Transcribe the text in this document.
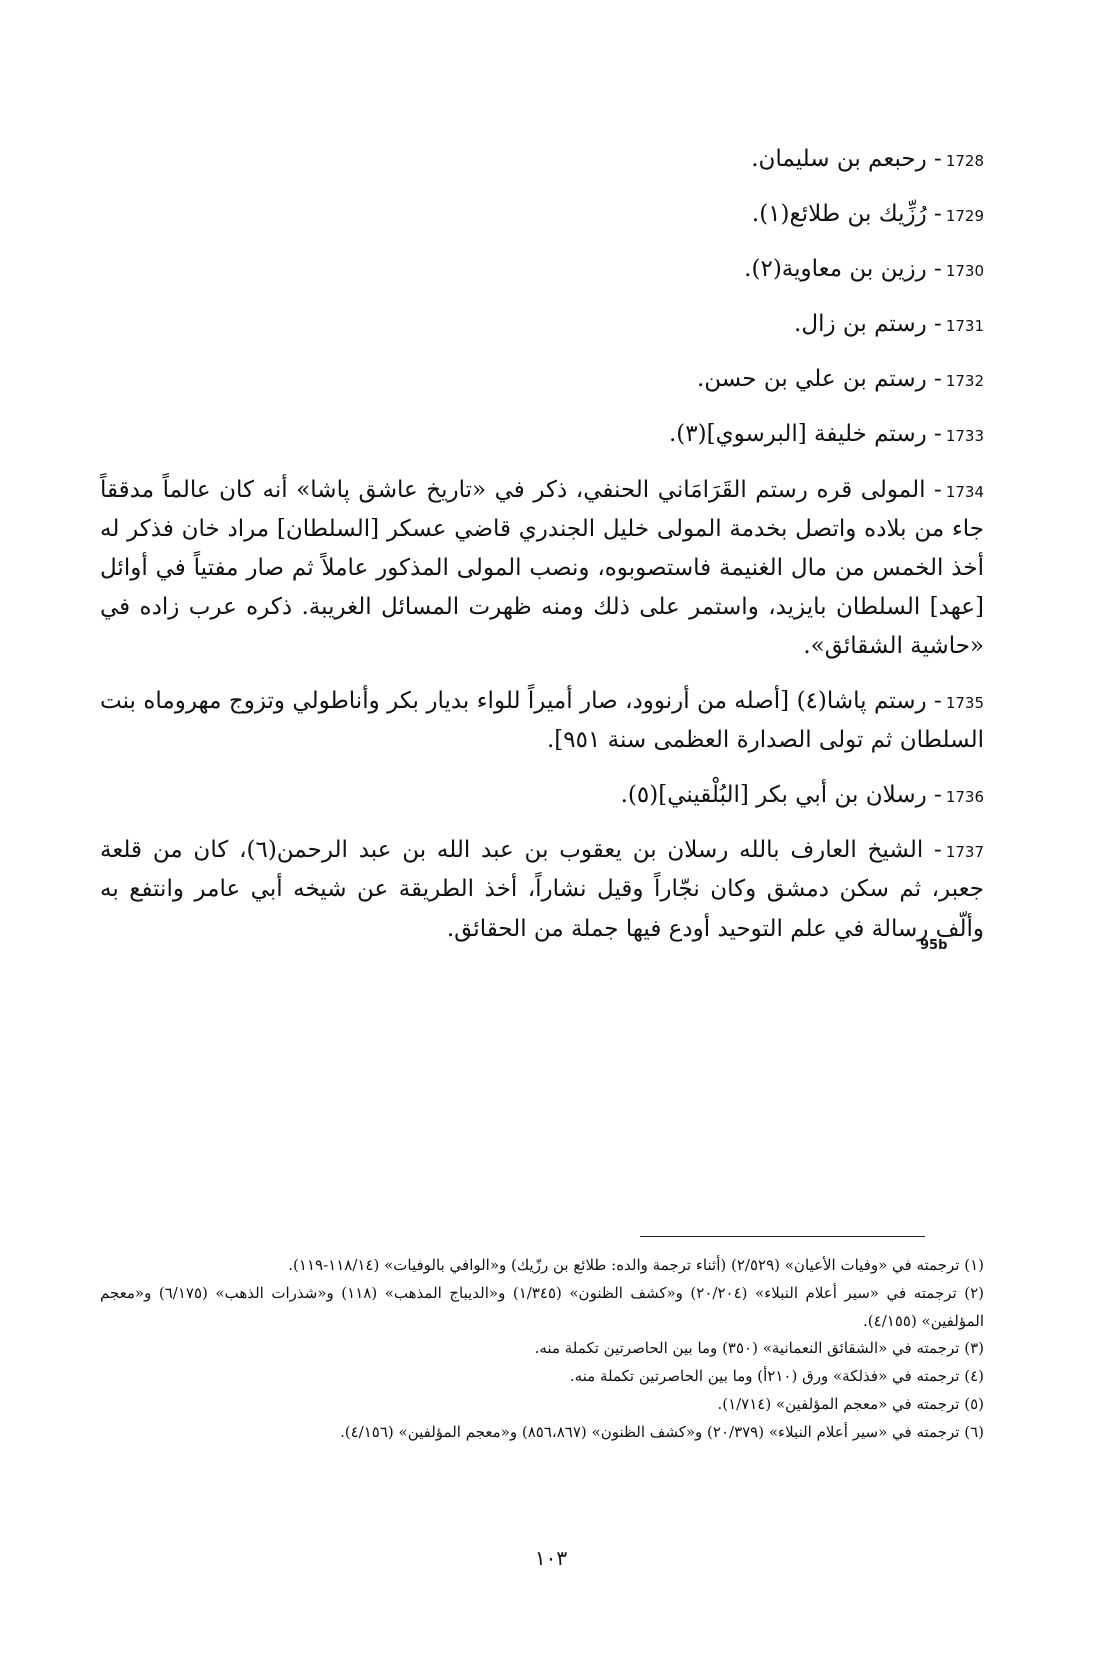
1728- رحبعم بن سليمان.
1729- رُزِّيك بن طلائع(١).
1730- رزين بن معاوية(٢).
1731- رستم بن زال.
1732- رستم بن علي بن حسن.
1733- رستم خليفة [البرسوي](٣).
1734- المولى قره رستم القَرَامَاني الحنفي، ذكر في «تاريخ عاشق پاشا» أنه كان عالماً مدققاً جاء من بلاده واتصل بخدمة المولى خليل الجندري قاضي عسكر [السلطان] مراد خان فذكر له أخذ الخمس من مال الغنيمة فاستصوبوه، ونصب المولى المذكور عاملاً ثم صار مفتياً في أوائل [عهد] السلطان بايزيد، واستمر على ذلك ومنه ظهرت المسائل الغريبة. ذكره عرب زاده في «حاشية الشقائق».
1735- رستم پاشا(٤) [أصله من أرنوود، صار أميراً للواء بديار بكر وأناطولي وتزوج مهروماه بنت السلطان ثم تولى الصدارة العظمى سنة ٩٥١].
1736- رسلان بن أبي بكر [البُلْقيني](٥).
1737- الشيخ العارف بالله رسلان بن يعقوب بن عبد الله بن عبد الرحمن(٦)، كان من قلعة جعبر، ثم سكن دمشق وكان نجّاراً وقيل نشاراً، أخذ الطريقة عن شيخه أبي عامر وانتفع به وألّف رسالة في علم التوحيد أودع فيها جملة من الحقائق.
95b
(١) ترجمته في «وفيات الأعيان» (٢/٥٢٩) (أثناء ترجمة والده: طلائع بن رزّيك) و«الوافي بالوفيات» (١١٨/١٤-١١٩).
(٢) ترجمته في «سير أعلام النبلاء» (٢٠/٢٠٤) و«كشف الظنون» (١/٣٤٥) و«الديباج المذهب» (١١٨) و«شذرات الذهب» (٦/١٧٥) و«معجم المؤلفين» (٤/١٥٥).
(٣) ترجمته في «الشقائق النعمانية» (٣٥٠) وما بين الحاصرتين تكملة منه.
(٤) ترجمته في «فذلكة» ورق (٢١٠أ) وما بين الحاصرتين تكملة منه.
(٥) ترجمته في «معجم المؤلفين» (١/٧١٤).
(٦) ترجمته في «سير أعلام النبلاء» (٢٠/٣٧٩) و«كشف الظنون» (٨٥٦،٨٦٧) و«معجم المؤلفين» (٤/١٥٦).
١٠٣
